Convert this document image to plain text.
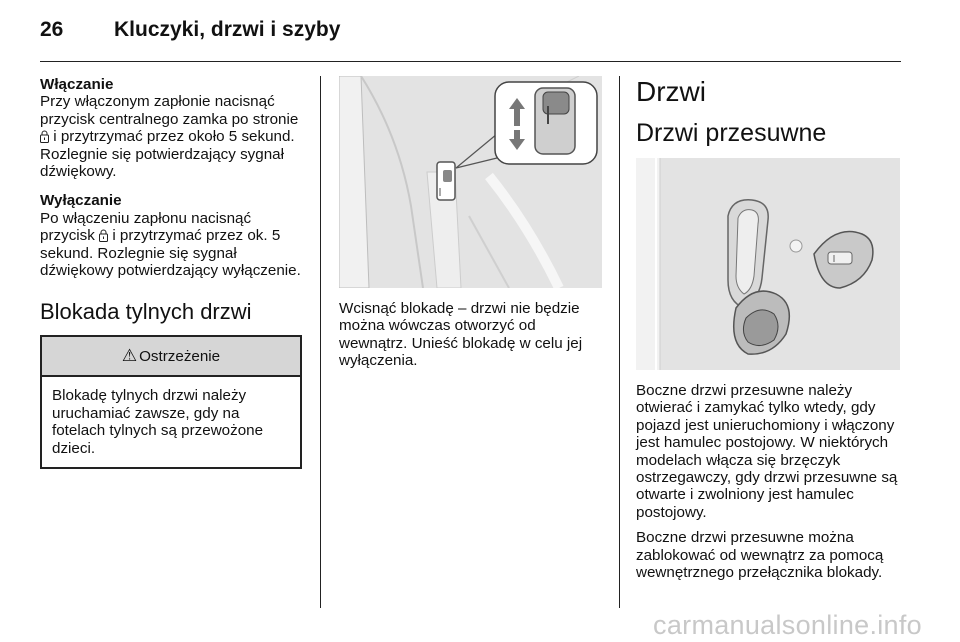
26 Kluczyki, drzwi i szyby

Włączanie

Przy włączonym zapłonie nacisnąć przycisk centralnego zamka po stronie  i przytrzymać przez około 5 sekund. Rozlegnie się potwierdzający sygnał dźwiękowy.

Wyłączanie

Po włączeniu zapłonu nacisnąć przycisk i przytrzymać przez ok. 5 sekund. Rozlegnie się sygnał dźwiękowy potwierdzający wyłączenie.

Blokada tylnych drzwi
⚠ Ostrzeżenie
Blokadę tylnych drzwi należy uruchamiać zawsze, gdy na fotelach tylnych są przewożone dzieci.

Wcisnąć blokadę – drzwi nie będzie można wówczas otworzyć od wewnątrz. Unieść blokadę w celu jej wyłączenia.

Drzwi
Drzwi przesuwne

Boczne drzwi przesuwne należy otwierać i zamykać tylko wtedy, gdy pojazd jest unieruchomiony i włączony jest hamulec postojowy. W niektórych modelach włącza się brzęczyk ostrzegawczy, gdy drzwi przesuwne są otwarte i zwolniony jest hamulec postojowy.

Boczne drzwi przesuwne można zablokować od wewnątrz za pomocą wewnętrznego przełącznika blokady.

carmanualsonline.info
